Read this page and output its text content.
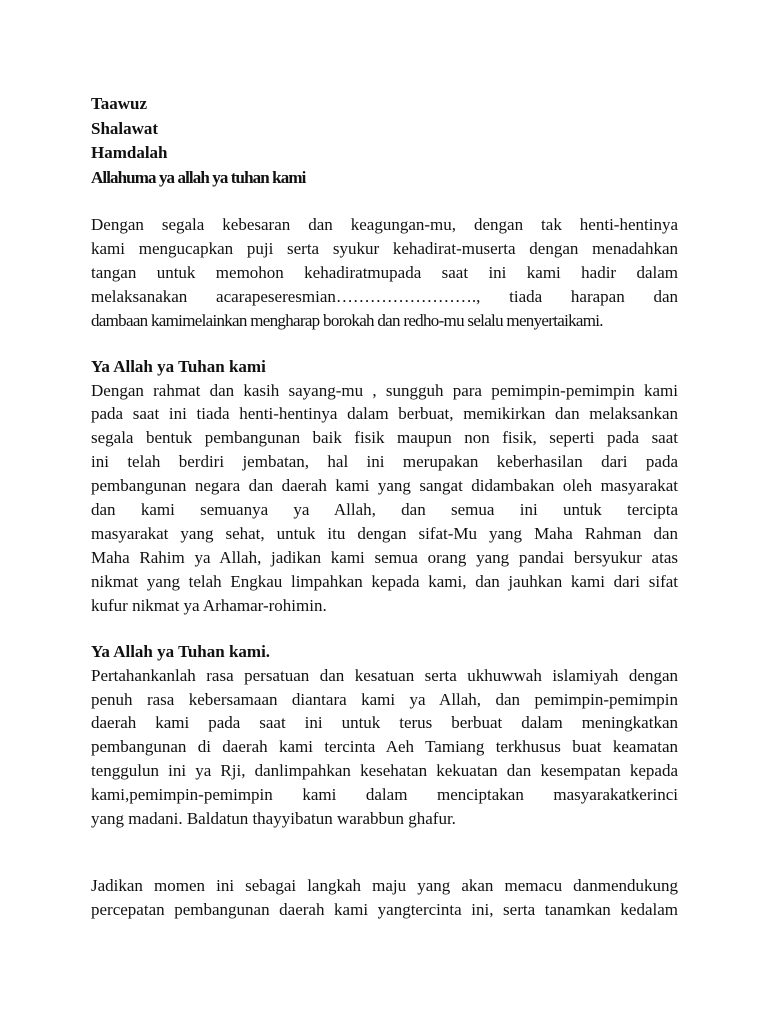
Taawuz

Shalawat

Hamdalah

Allahuma ya allah ya tuhan kami

Dengan segala kebesaran dan keagungan-mu, dengan tak henti-hentinya
kami mengucapkan puji serta syukur kehadirat-muserta dengan menadahkan
tangan untuk memohon kehadiratmupada saat ini kami hadir dalam
melaksanakan acarapeseresmian……………………., tiada harapan dan
dambaan kamimelainkan mengharap borokah dan redho-mu selalu menyertaikami.

Ya Allah ya Tuhan kami

Dengan rahmat dan kasih sayang-mu , sungguh para pemimpin-pemimpin kami
pada saat ini tiada henti-hentinya dalam berbuat, memikirkan dan melaksankan
segala bentuk pembangunan baik fisik maupun non fisik, seperti pada saat
ini telah berdiri jembatan, hal ini merupakan keberhasilan dari pada
pembangunan negara dan daerah kami yang sangat didambakan oleh masyarakat
dan kami semuanya ya Allah, dan semua ini untuk tercipta
masyarakat yang sehat, untuk itu dengan sifat-Mu yang Maha Rahman dan
Maha Rahim ya Allah, jadikan kami semua orang yang pandai bersyukur atas
nikmat yang telah Engkau limpahkan kepada kami, dan jauhkan kami dari sifat
kufur nikmat ya Arhamar-rohimin.

Ya Allah ya Tuhan kami.

Pertahankanlah rasa persatuan dan kesatuan serta ukhuwwah islamiyah dengan
penuh rasa kebersamaan diantara kami ya Allah, dan pemimpin-pemimpin
daerah kami pada saat ini untuk terus berbuat dalam meningkatkan
pembangunan di daerah kami tercinta Aeh Tamiang terkhusus buat keamatan
tenggulun ini ya Rji, danlimpahkan kesehatan kekuatan dan kesempatan kepada
kami,pemimpin-pemimpin kami dalam menciptakan masyarakatkerinci
yang madani. Baldatun thayyibatun warabbun ghafur.
Jadikan momen ini sebagai langkah maju yang akan memacu danmendukung
percepatan pembangunan daerah kami yangtercinta ini, serta tanamkan kedalam
